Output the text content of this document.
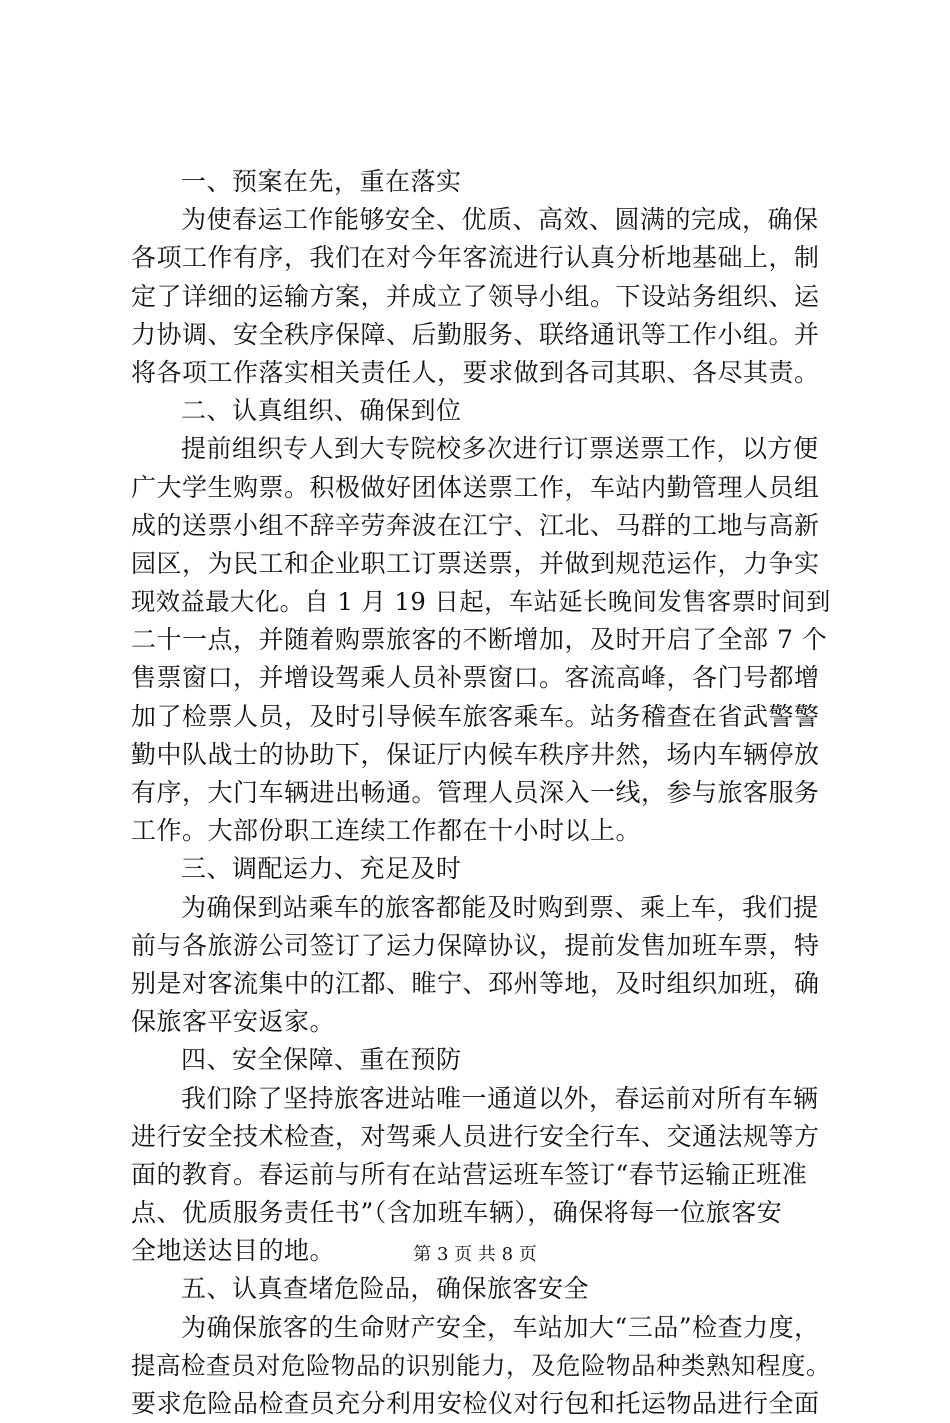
一、预案在先，重在落实
为使春运工作能够安全、优质、高效、圆满的完成，确保
各项工作有序，我们在对今年客流进行认真分析地基础上，制
定了详细的运输方案，并成立了领导小组。下设站务组织、运
力协调、安全秩序保障、后勤服务、联络通讯等工作小组。并
将各项工作落实相关责任人，要求做到各司其职、各尽其责。
二、认真组织、确保到位
提前组织专人到大专院校多次进行订票送票工作，以方便
广大学生购票。积极做好团体送票工作，车站内勤管理人员组
成的送票小组不辞辛劳奔波在江宁、江北、马群的工地与高新
园区，为民工和企业职工订票送票，并做到规范运作，力争实
现效益最大化。自 1 月 19 日起，车站延长晚间发售客票时间到
二十一点，并随着购票旅客的不断增加，及时开启了全部 7 个
售票窗口，并增设驾乘人员补票窗口。客流高峰，各门号都增
加了检票人员，及时引导候车旅客乘车。站务稽查在省武警警
勤中队战士的协助下，保证厅内候车秩序井然，场内车辆停放
有序，大门车辆进出畅通。管理人员深入一线，参与旅客服务
工作。大部份职工连续工作都在十小时以上。
三、调配运力、充足及时
为确保到站乘车的旅客都能及时购到票、乘上车，我们提
前与各旅游公司签订了运力保障协议，提前发售加班车票，特
别是对客流集中的江都、睢宁、邳州等地，及时组织加班，确
保旅客平安返家。
四、安全保障、重在预防
我们除了坚持旅客进站唯一通道以外，春运前对所有车辆
进行安全技术检查，对驾乘人员进行安全行车、交通法规等方
面的教育。春运前与所有在站营运班车签订“春节运输正班准
点、优质服务责任书”（含加班车辆），确保将每一位旅客安
全地送达目的地。
五、认真查堵危险品，确保旅客安全
为确保旅客的生命财产安全，车站加大“三品”检查力度，
提高检查员对危险物品的识别能力，及危险物品种类熟知程度。
要求危险品检查员充分利用安检仪对行包和托运物品进行全面
第 3 页 共 8 页
